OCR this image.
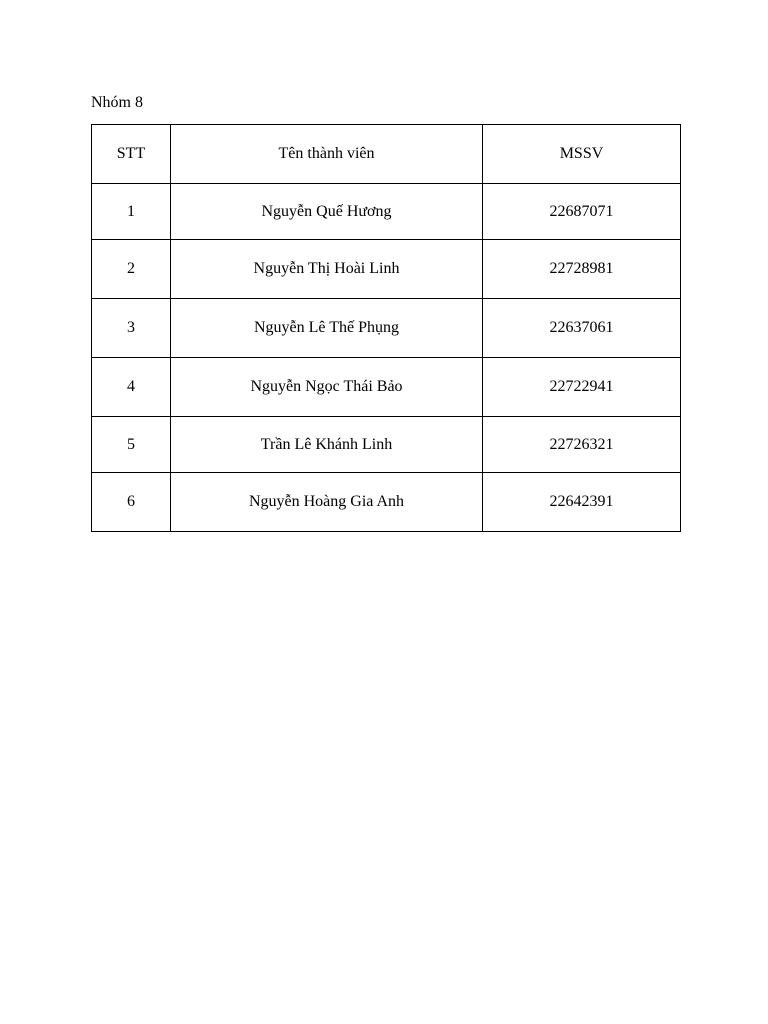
Nhóm 8
STT	Tên thành viên	MSSV
1	Nguyễn Quế Hương	22687071
2	Nguyễn Thị Hoài Linh	22728981
3	Nguyễn Lê Thế Phụng	22637061
4	Nguyễn Ngọc Thái Bảo	22722941
5	Trần Lê Khánh Linh	22726321
6	Nguyễn Hoàng Gia Anh	22642391
